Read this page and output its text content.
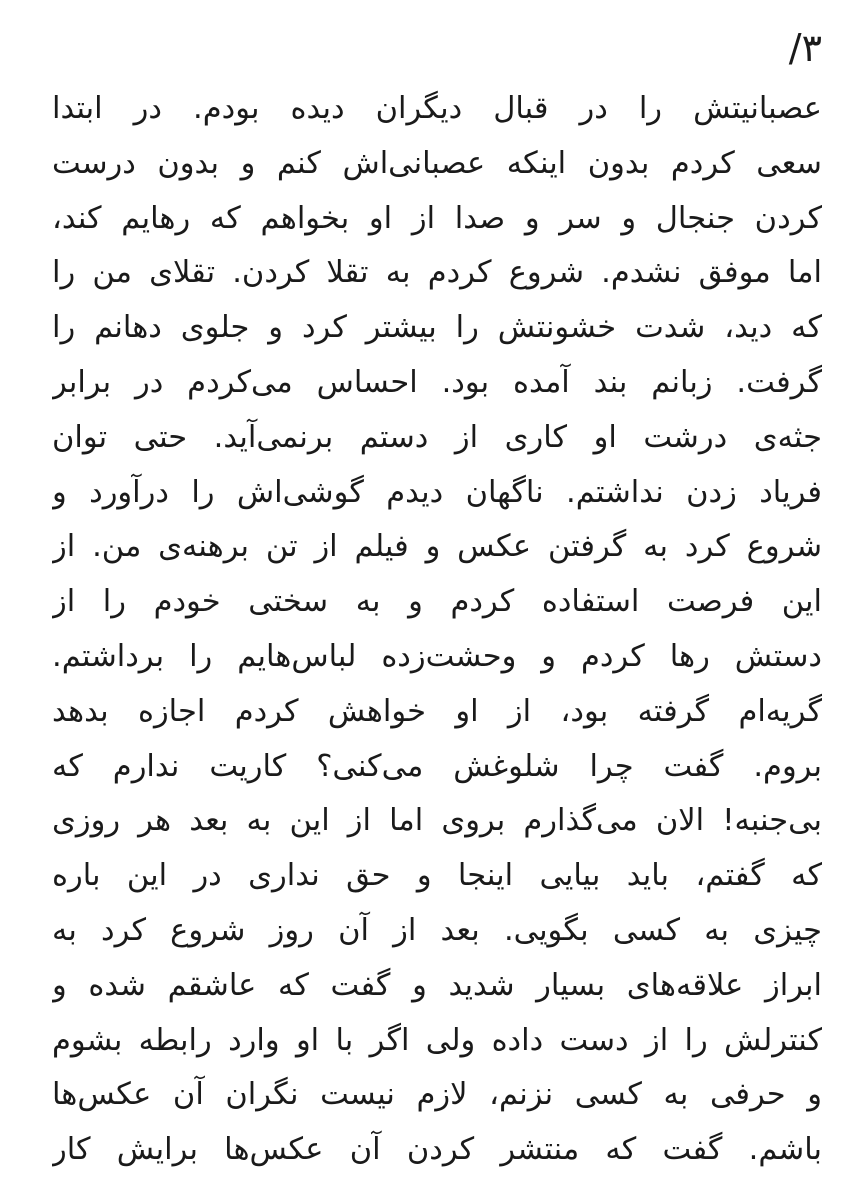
۳/
عصبانیتش را در قبال دیگران دیده بودم. در ابتدا
سعی کردم بدون اینکه عصبانی‌اش کنم و بدون درست
کردن جنجال و سر و صدا از او بخواهم که رهایم کند،
اما موفق نشدم. شروع کردم به تقلا کردن. تقلای من را
که دید، شدت خشونتش را بیشتر کرد و جلوی دهانم را
گرفت. زبانم بند آمده بود. احساس می‌کردم در برابر
جثه‌ی درشت او کاری از دستم برنمی‌آید. حتی توان
فریاد زدن نداشتم. ناگهان دیدم گوشی‌اش را درآورد و
شروع کرد به گرفتن عکس و فیلم از تن برهنه‌ی من. از
این فرصت استفاده کردم و به سختی خودم را از
دستش رها کردم و وحشت‌زده لباس‌هایم را برداشتم.
گریه‌ام گرفته بود، از او خواهش کردم اجازه بدهد
بروم. گفت چرا شلوغش می‌کنی؟ کاریت ندارم که
بی‌جنبه! الان می‌گذارم بروی اما از این به بعد هر روزی
که گفتم، باید بیایی اینجا و حق نداری در این باره
چیزی به کسی بگویی. بعد از آن روز شروع کرد به
ابراز علاقه‌های بسیار شدید و گفت که عاشقم شده و
کنترلش را از دست داده ولی اگر با او وارد رابطه بشوم
و حرفی به کسی نزنم، لازم نیست نگران آن عکس‌ها
باشم. گفت که منتشر کردن آن عکس‌ها برایش کار
